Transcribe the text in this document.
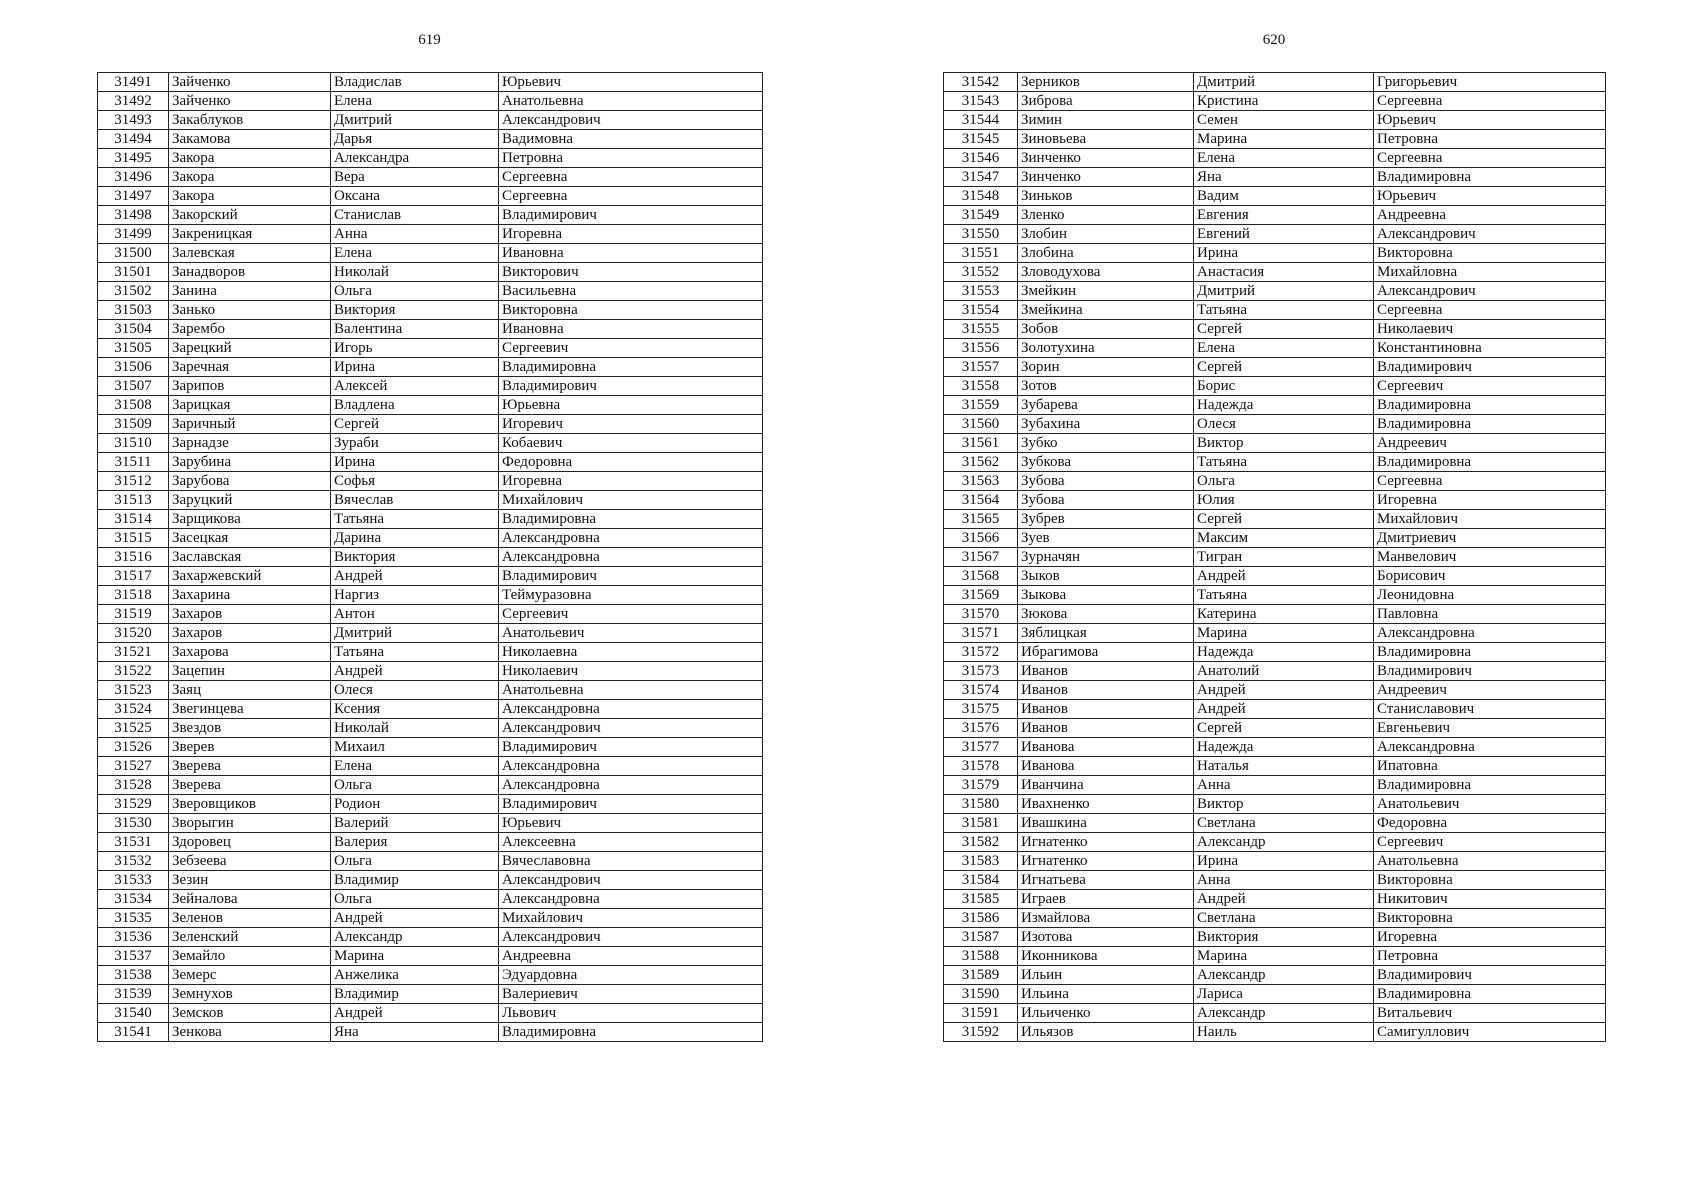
619
31491	Зайченко	Владислав	Юрьевич
31492	Зайченко	Елена	Анатольевна
31493	Закаблуков	Дмитрий	Александрович
31494	Закамова	Дарья	Вадимовна
31495	Закора	Александра	Петровна
31496	Закора	Вера	Сергеевна
31497	Закора	Оксана	Сергеевна
31498	Закорский	Станислав	Владимирович
31499	Закреницкая	Анна	Игоревна
31500	Залевская	Елена	Ивановна
31501	Занадворов	Николай	Викторович
31502	Занина	Ольга	Васильевна
31503	Занько	Виктория	Викторовна
31504	Зарембо	Валентина	Ивановна
31505	Зарецкий	Игорь	Сергеевич
31506	Заречная	Ирина	Владимировна
31507	Зарипов	Алексей	Владимирович
31508	Зарицкая	Владлена	Юрьевна
31509	Заричный	Сергей	Игоревич
31510	Зарнадзе	Зураби	Кобаевич
31511	Зарубина	Ирина	Федоровна
31512	Зарубова	Софья	Игоревна
31513	Заруцкий	Вячеслав	Михайлович
31514	Зарщикова	Татьяна	Владимировна
31515	Засецкая	Дарина	Александровна
31516	Заславская	Виктория	Александровна
31517	Захаржевский	Андрей	Владимирович
31518	Захарина	Наргиз	Теймуразовна
31519	Захаров	Антон	Сергеевич
31520	Захаров	Дмитрий	Анатольевич
31521	Захарова	Татьяна	Николаевна
31522	Зацепин	Андрей	Николаевич
31523	Заяц	Олеся	Анатольевна
31524	Звегинцева	Ксения	Александровна
31525	Звездов	Николай	Александрович
31526	Зверев	Михаил	Владимирович
31527	Зверева	Елена	Александровна
31528	Зверева	Ольга	Александровна
31529	Зверовщиков	Родион	Владимирович
31530	Зворыгин	Валерий	Юрьевич
31531	Здоровец	Валерия	Алексеевна
31532	Зебзеева	Ольга	Вячеславовна
31533	Зезин	Владимир	Александрович
31534	Зейналова	Ольга	Александровна
31535	Зеленов	Андрей	Михайлович
31536	Зеленский	Александр	Александрович
31537	Земайло	Марина	Андреевна
31538	Земерс	Анжелика	Эдуардовна
31539	Земнухов	Владимир	Валериевич
31540	Земсков	Андрей	Львович
31541	Зенкова	Яна	Владимировна
620
31542	Зерников	Дмитрий	Григорьевич
31543	Зиброва	Кристина	Сергеевна
31544	Зимин	Семен	Юрьевич
31545	Зиновьева	Марина	Петровна
31546	Зинченко	Елена	Сергеевна
31547	Зинченко	Яна	Владимировна
31548	Зиньков	Вадим	Юрьевич
31549	Зленко	Евгения	Андреевна
31550	Злобин	Евгений	Александрович
31551	Злобина	Ирина	Викторовна
31552	Зловодухова	Анастасия	Михайловна
31553	Змейкин	Дмитрий	Александрович
31554	Змейкина	Татьяна	Сергеевна
31555	Зобов	Сергей	Николаевич
31556	Золотухина	Елена	Константиновна
31557	Зорин	Сергей	Владимирович
31558	Зотов	Борис	Сергеевич
31559	Зубарева	Надежда	Владимировна
31560	Зубахина	Олеся	Владимировна
31561	Зубко	Виктор	Андреевич
31562	Зубкова	Татьяна	Владимировна
31563	Зубова	Ольга	Сергеевна
31564	Зубова	Юлия	Игоревна
31565	Зубрев	Сергей	Михайлович
31566	Зуев	Максим	Дмитриевич
31567	Зурначян	Тигран	Манвелович
31568	Зыков	Андрей	Борисович
31569	Зыкова	Татьяна	Леонидовна
31570	Зюкова	Катерина	Павловна
31571	Зяблицкая	Марина	Александровна
31572	Ибрагимова	Надежда	Владимировна
31573	Иванов	Анатолий	Владимирович
31574	Иванов	Андрей	Андреевич
31575	Иванов	Андрей	Станиславович
31576	Иванов	Сергей	Евгеньевич
31577	Иванова	Надежда	Александровна
31578	Иванова	Наталья	Ипатовна
31579	Иванчина	Анна	Владимировна
31580	Ивахненко	Виктор	Анатольевич
31581	Ивашкина	Светлана	Федоровна
31582	Игнатенко	Александр	Сергеевич
31583	Игнатенко	Ирина	Анатольевна
31584	Игнатьева	Анна	Викторовна
31585	Играев	Андрей	Никитович
31586	Измайлова	Светлана	Викторовна
31587	Изотова	Виктория	Игоревна
31588	Иконникова	Марина	Петровна
31589	Ильин	Александр	Владимирович
31590	Ильина	Лариса	Владимировна
31591	Ильиченко	Александр	Витальевич
31592	Ильязов	Наиль	Самигуллович
